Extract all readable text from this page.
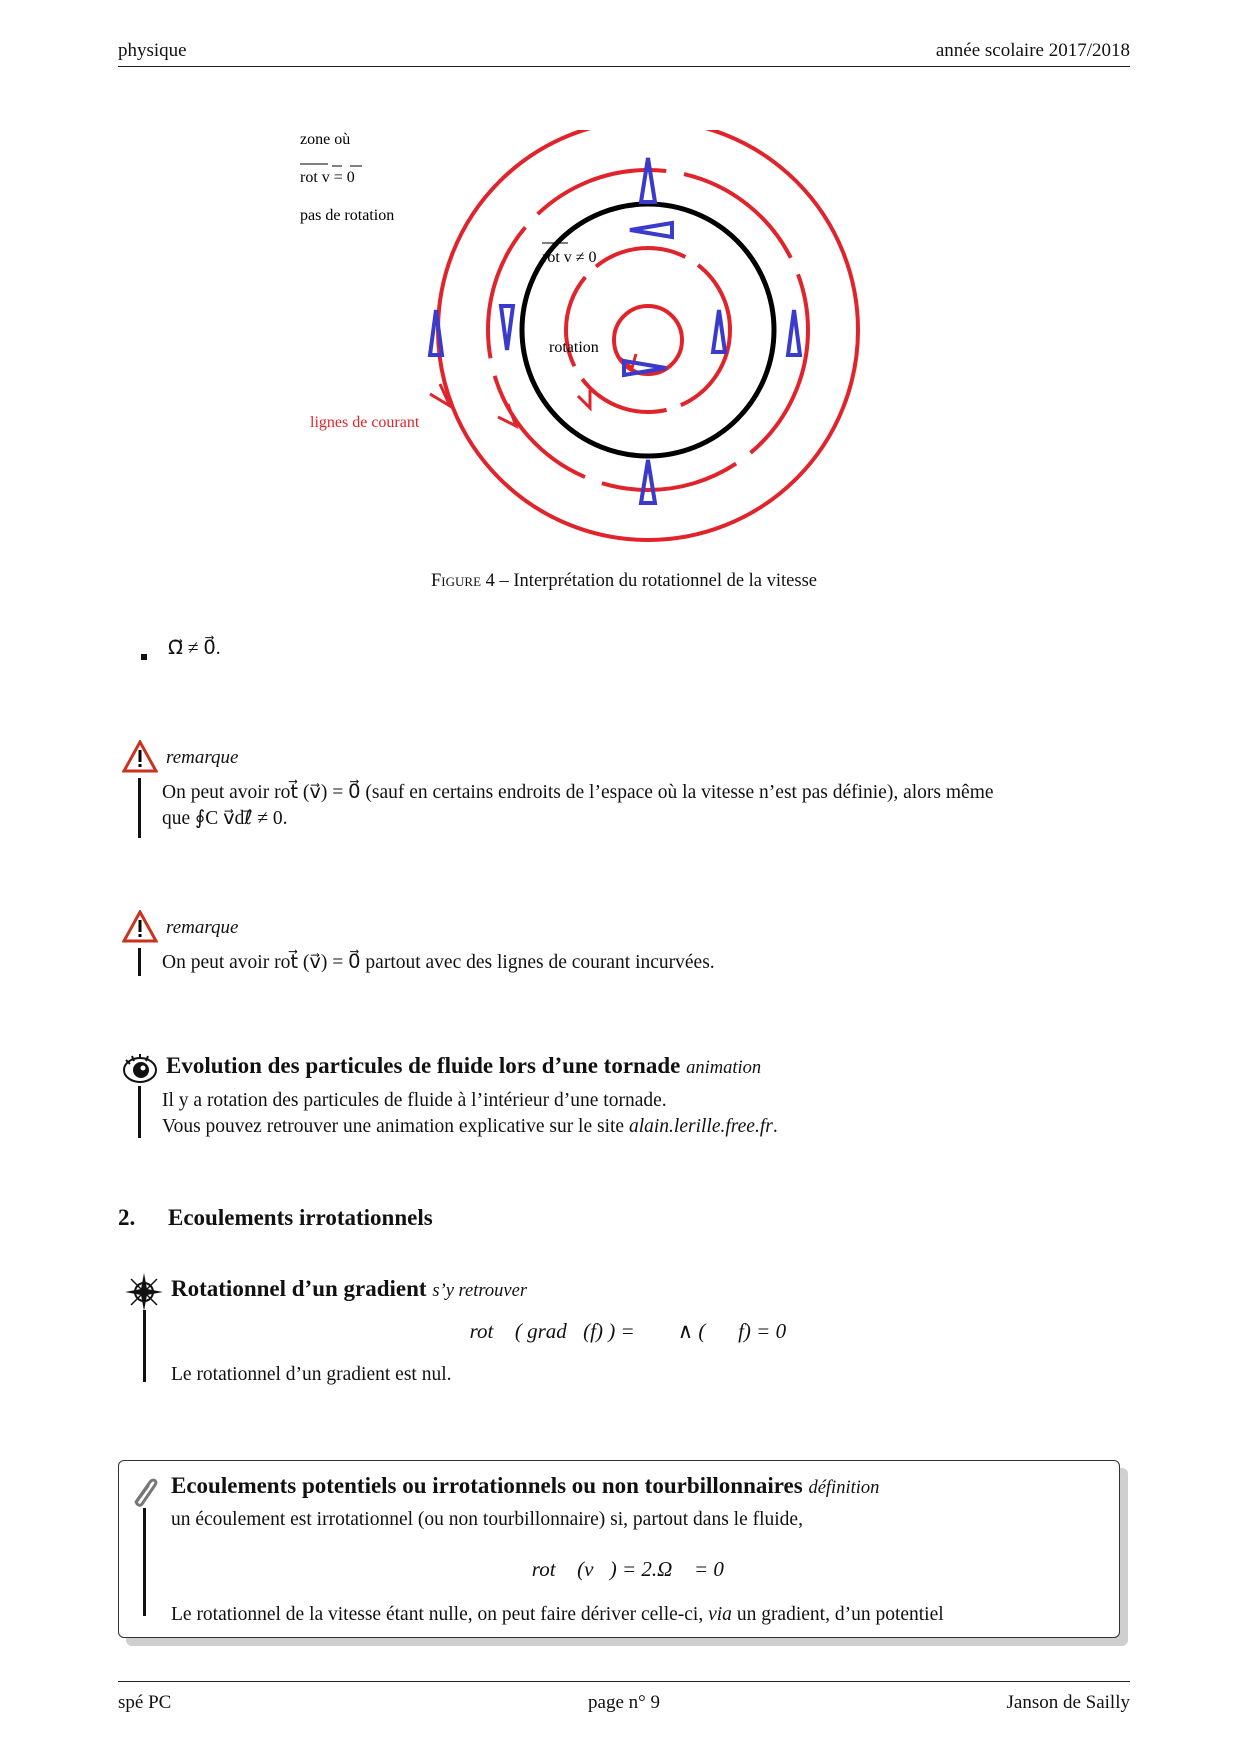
physique	année scolaire 2017/2018
zone où
rot v = 0
pas de rotation
rot v ≠ 0
rotation
lignes de courant
Figure 4 – Interprétation du rotationnel de la vitesse
Ω⃗ ≠ 0⃗.
remarque
On peut avoir rot⃗ (v⃗) = 0⃗ (sauf en certains endroits de l’espace où la vitesse n’est pas définie), alors même
que ∮C v⃗dℓ⃗ ≠ 0.
remarque
On peut avoir rot⃗ (v⃗) = 0⃗ partout avec des lignes de courant incurvées.
Evolution des particules de fluide lors d’une tornade animation
Il y a rotation des particules de fluide à l’intérieur d’une tornade.
Vous pouvez retrouver une animation explicative sur le site alain.lerille.free.fr.
2. Ecoulements irrotationnels
Rotationnel d’un gradient s’y retrouver
rot⃗ ( grad⃗(f) ) = ∇⃗ ∧ (∇⃗f) = 0⃗
Le rotationnel d’un gradient est nul.
Ecoulements potentiels ou irrotationnels ou non tourbillonnaires définition
un écoulement est irrotationnel (ou non tourbillonnaire) si, partout dans le fluide,
rot⃗ (v⃗) = 2.Ω⃗ = 0⃗
Le rotationnel de la vitesse étant nulle, on peut faire dériver celle-ci, via un gradient, d’un potentiel
spé PC	page n° 9	Janson de Sailly
